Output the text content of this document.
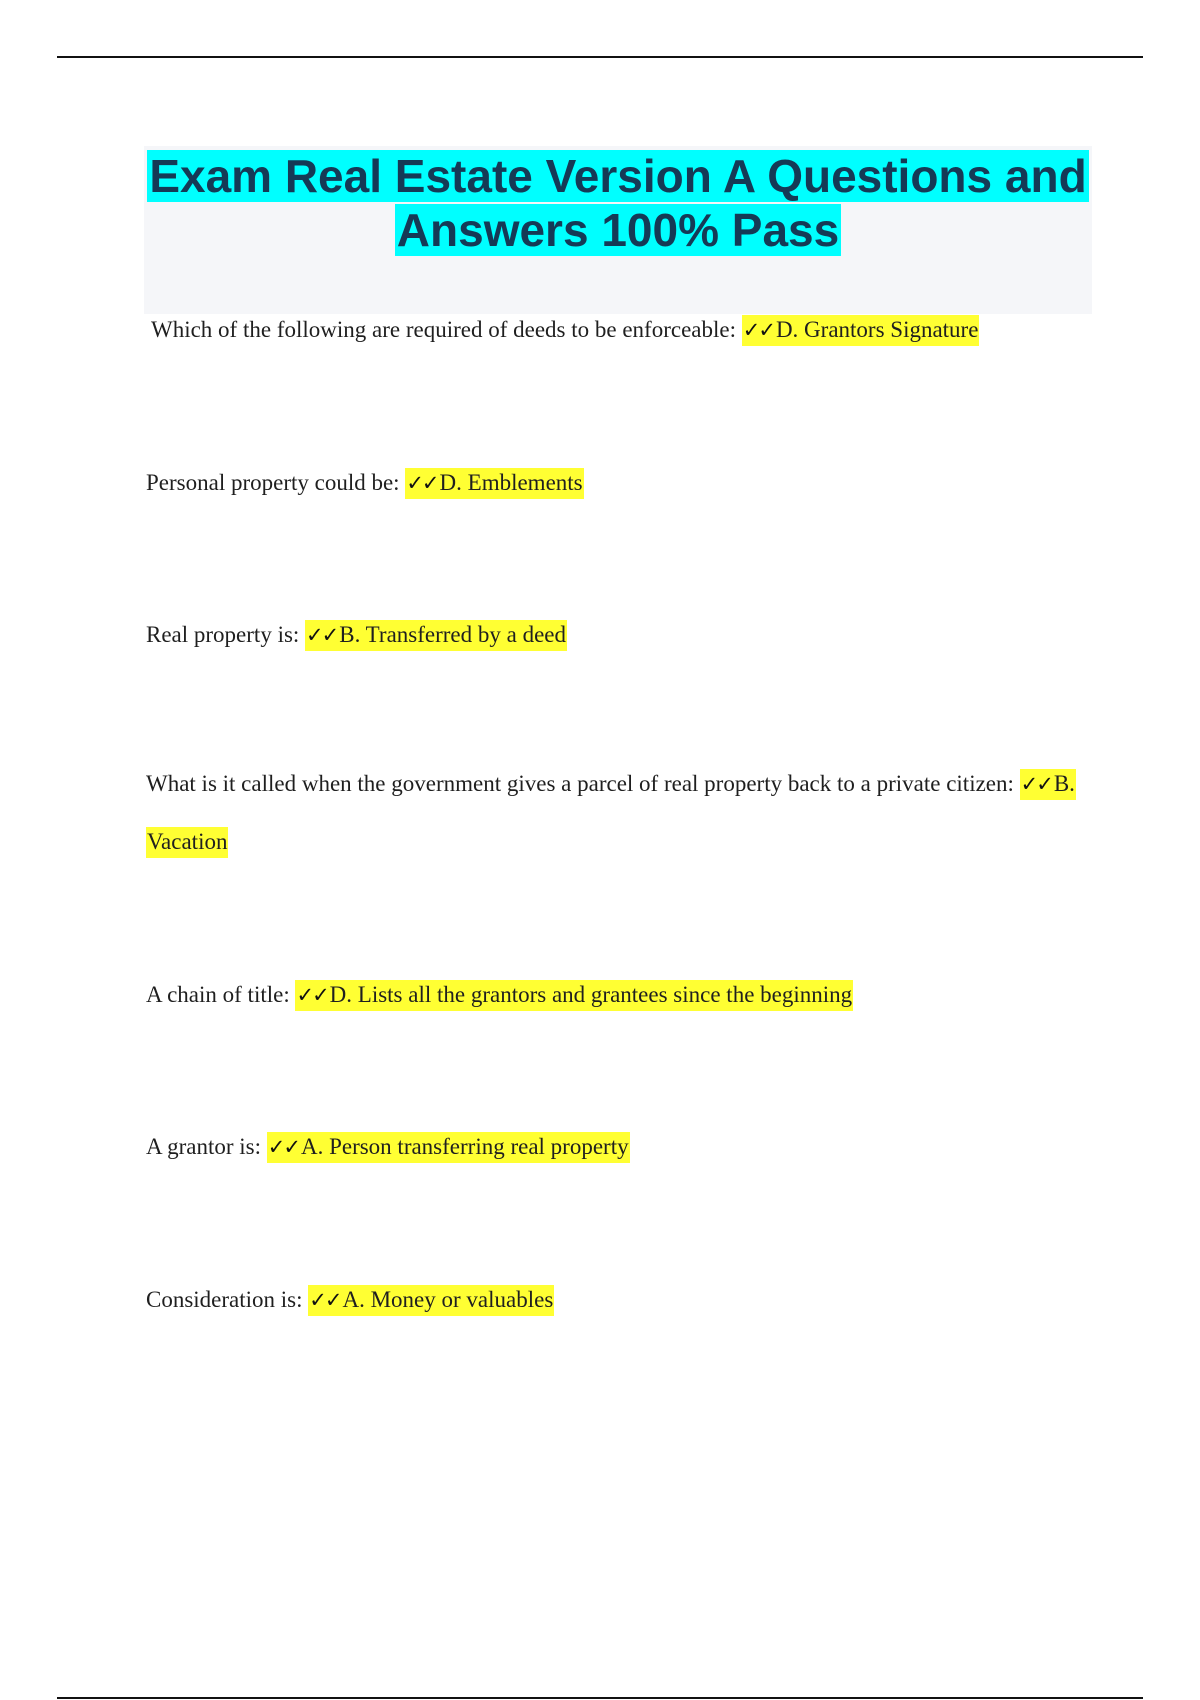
Exam Real Estate Version A Questions and Answers 100% Pass
Which of the following are required of deeds to be enforceable: ✓✓D. Grantors Signature
Personal property could be: ✓✓D. Emblements
Real property is: ✓✓B. Transferred by a deed
What is it called when the government gives a parcel of real property back to a private citizen: ✓✓B. Vacation
A chain of title: ✓✓D. Lists all the grantors and grantees since the beginning
A grantor is: ✓✓A. Person transferring real property
Consideration is: ✓✓A. Money or valuables
